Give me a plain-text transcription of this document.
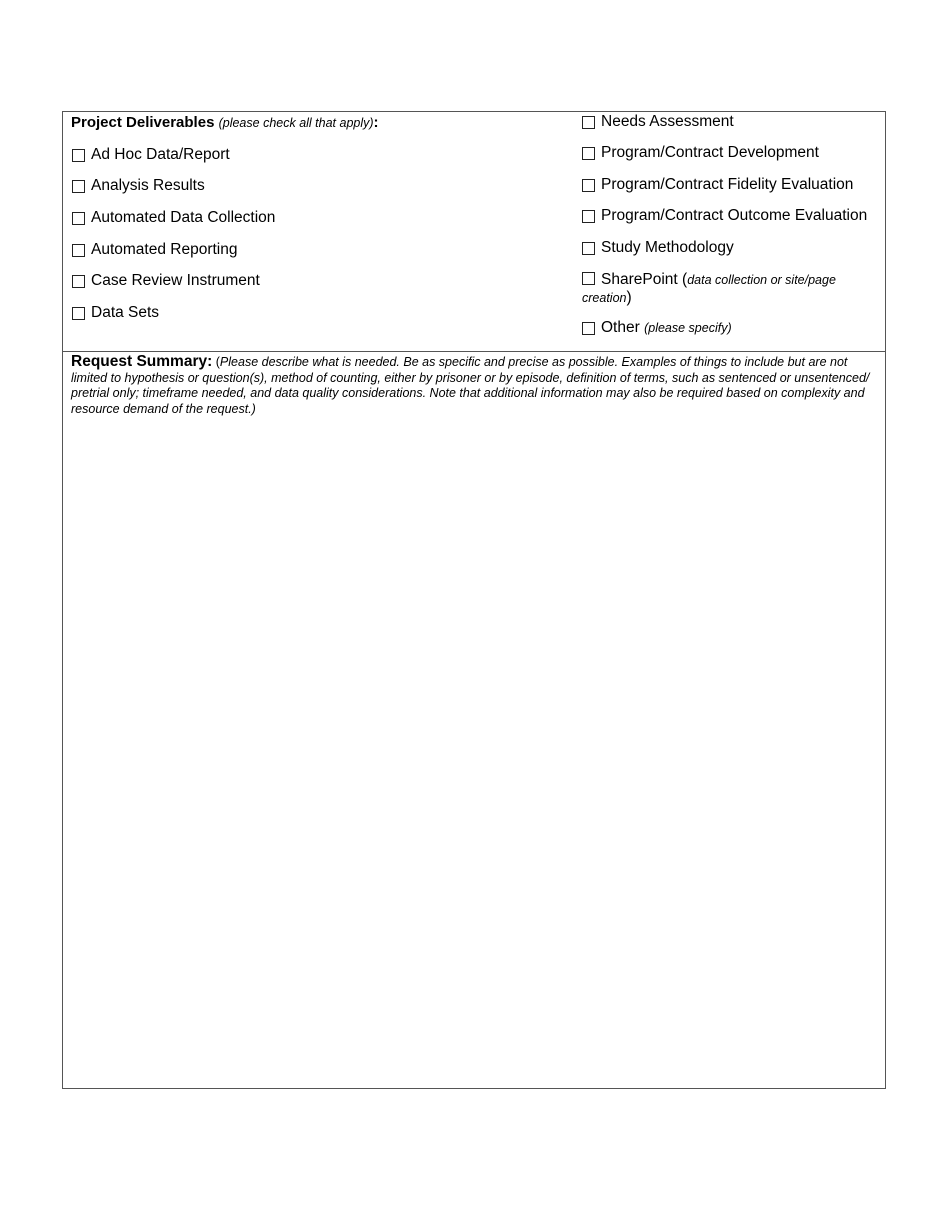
Project Deliverables (please check all that apply):
Ad Hoc Data/Report
Analysis Results
Automated Data Collection
Automated Reporting
Case Review Instrument
Data Sets
Needs Assessment
Program/Contract Development
Program/Contract Fidelity Evaluation
Program/Contract Outcome Evaluation
Study Methodology
SharePoint (data collection or site/page creation)
Other
( please specify )
Request Summary: (Please describe what is needed. Be as specific and precise as possible. Examples of things to include but are not limited to hypothesis or question(s), method of counting, either by prisoner or by episode, definition of terms, such as sentenced or unsentenced/ pretrial only; timeframe needed, and data quality considerations. Note that additional information may also be required based on complexity and resource demand of the request.)
